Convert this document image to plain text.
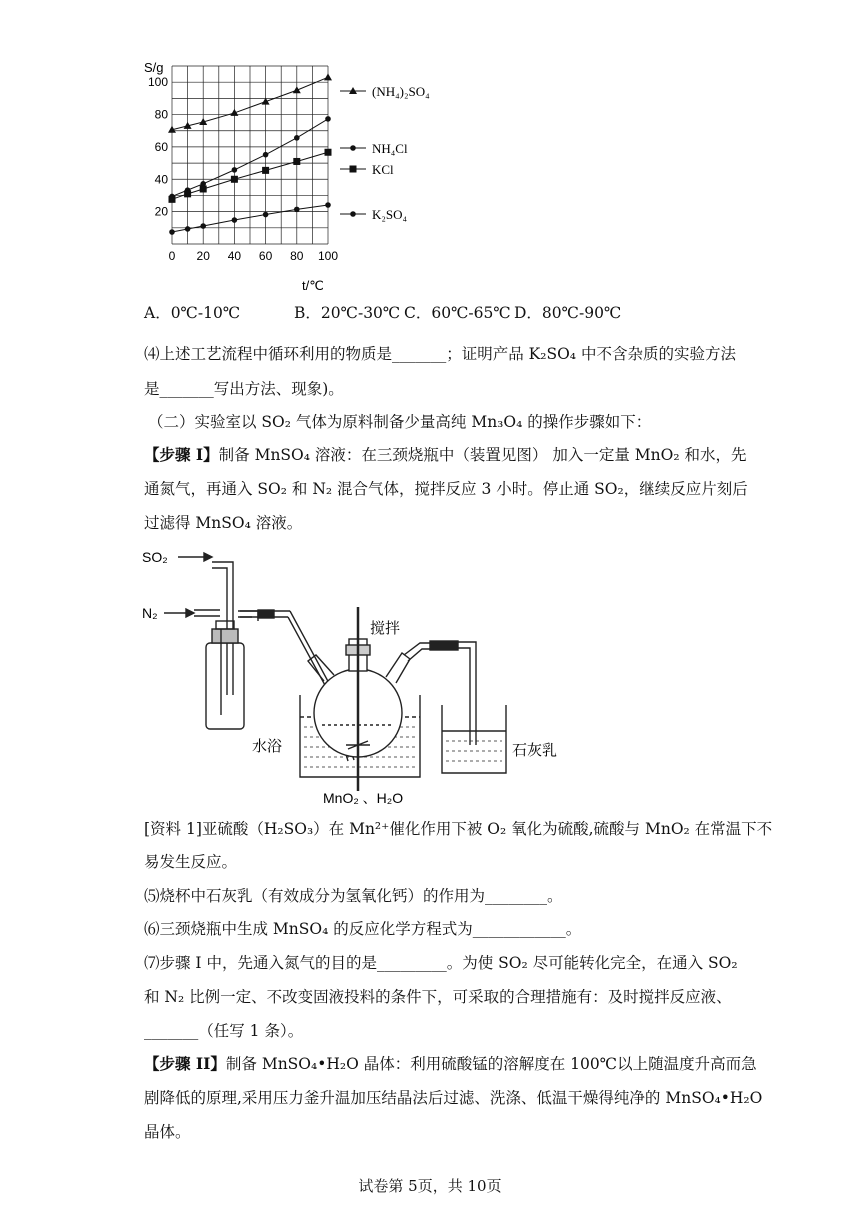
0 20 40 60 80 100
20
40
60
80
100
(NH₄)₂SO₄
NH₄Cl
KCl
K₂SO₄
S/g
t/℃
A．0℃-10℃	B．20℃-30℃ C．60℃-65℃ D．80℃-90℃
⑷上述工艺流程中循环利用的物质是_______；证明产品 K₂SO₄ 中不含杂质的实验方法
是_______写出方法、现象)。
（二）实验室以 SO₂ 气体为原料制备少量高纯 Mn₃O₄ 的操作步骤如下：
【步骤 I】制备 MnSO₄ 溶液：在三颈烧瓶中（装置见图） 加入一定量 MnO₂ 和水，先
通氮气，再通入 SO₂ 和 N₂ 混合气体，搅拌反应 3 小时。停止通 SO₂，继续反应片刻后
过滤得 MnSO₄ 溶液。
SO₂
N₂
搅拌
水浴	石灰乳
MnO₂ 、H₂O
[资料 1]亚硫酸（H₂SO₃）在 Mn²⁺催化作用下被 O₂ 氧化为硫酸,硫酸与 MnO₂ 在常温下不
易发生反应。
⑸烧杯中石灰乳（有效成分为氢氧化钙）的作用为________。
⑹三颈烧瓶中生成 MnSO₄ 的反应化学方程式为____________。
⑺步骤 I 中，先通入氮气的目的是_________。为使 SO₂ 尽可能转化完全，在通入 SO₂
和 N₂ 比例一定、不改变固液投料的条件下，可采取的合理措施有：及时搅拌反应液、
_______（任写 1 条）。
【步骤 II】制备 MnSO₄•H₂O 晶体：利用硫酸锰的溶解度在 100℃以上随温度升高而急
剧降低的原理,采用压力釜升温加压结晶法后过滤、洗涤、低温干燥得纯净的 MnSO₄•H₂O
晶体。
试卷第 5页，共 10页
